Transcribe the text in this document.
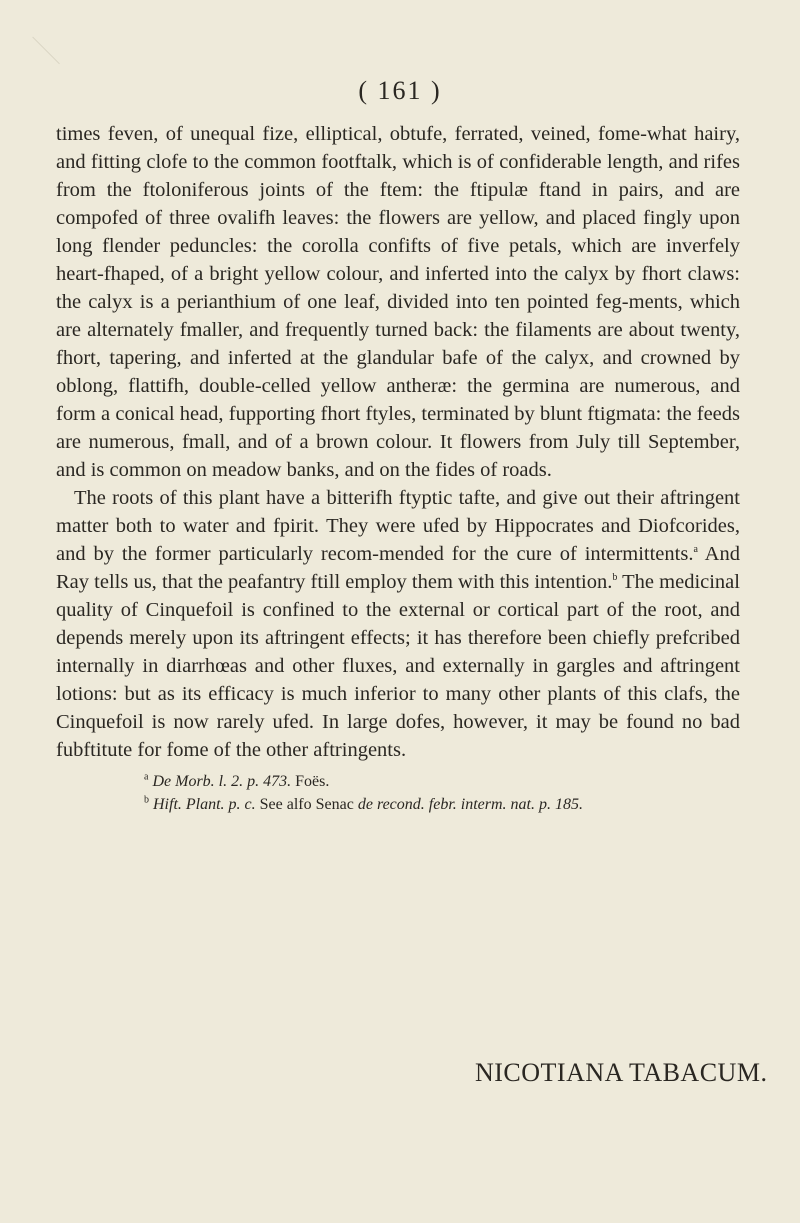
( 161 )

times feven, of unequal fize, elliptical, obtufe, ferrated, veined, fome-what hairy, and fitting clofe to the common footftalk, which is of confiderable length, and rifes from the ftoloniferous joints of the ftem: the ftipulæ ftand in pairs, and are compofed of three ovalifh leaves: the flowers are yellow, and placed fingly upon long flender peduncles: the corolla confifts of five petals, which are inverfely heart-fhaped, of a bright yellow colour, and inferted into the calyx by fhort claws: the calyx is a perianthium of one leaf, divided into ten pointed feg-ments, which are alternately fmaller, and frequently turned back: the filaments are about twenty, fhort, tapering, and inferted at the glandular bafe of the calyx, and crowned by oblong, flattifh, double-celled yellow antheræ: the germina are numerous, and form a conical head, fupporting fhort ftyles, terminated by blunt ftigmata: the feeds are numerous, fmall, and of a brown colour. It flowers from July till September, and is common on meadow banks, and on the fides of roads.

The roots of this plant have a bitterifh ftyptic tafte, and give out their aftringent matter both to water and fpirit. They were ufed by Hippocrates and Diofcorides, and by the former particularly recom-mended for the cure of intermittents.$^a$ And Ray tells us, that the peafantry ftill employ them with this intention.$^b$ The medicinal quality of Cinquefoil is confined to the external or cortical part of the root, and depends merely upon its aftringent effects; it has therefore been chiefly prefcribed internally in diarrhœas and other fluxes, and externally in gargles and aftringent lotions: but as its efficacy is much inferior to many other plants of this clafs, the Cinquefoil is now rarely ufed. In large dofes, however, it may be found no bad fubftitute for fome of the other aftringents.

$^a$ De Morb. l. 2. p. 473. Foës.

$^b$ Hift. Plant. p. c. See alfo Senac de recond. febr. interm. nat. p. 185.

NICOTIANA TABACUM.
